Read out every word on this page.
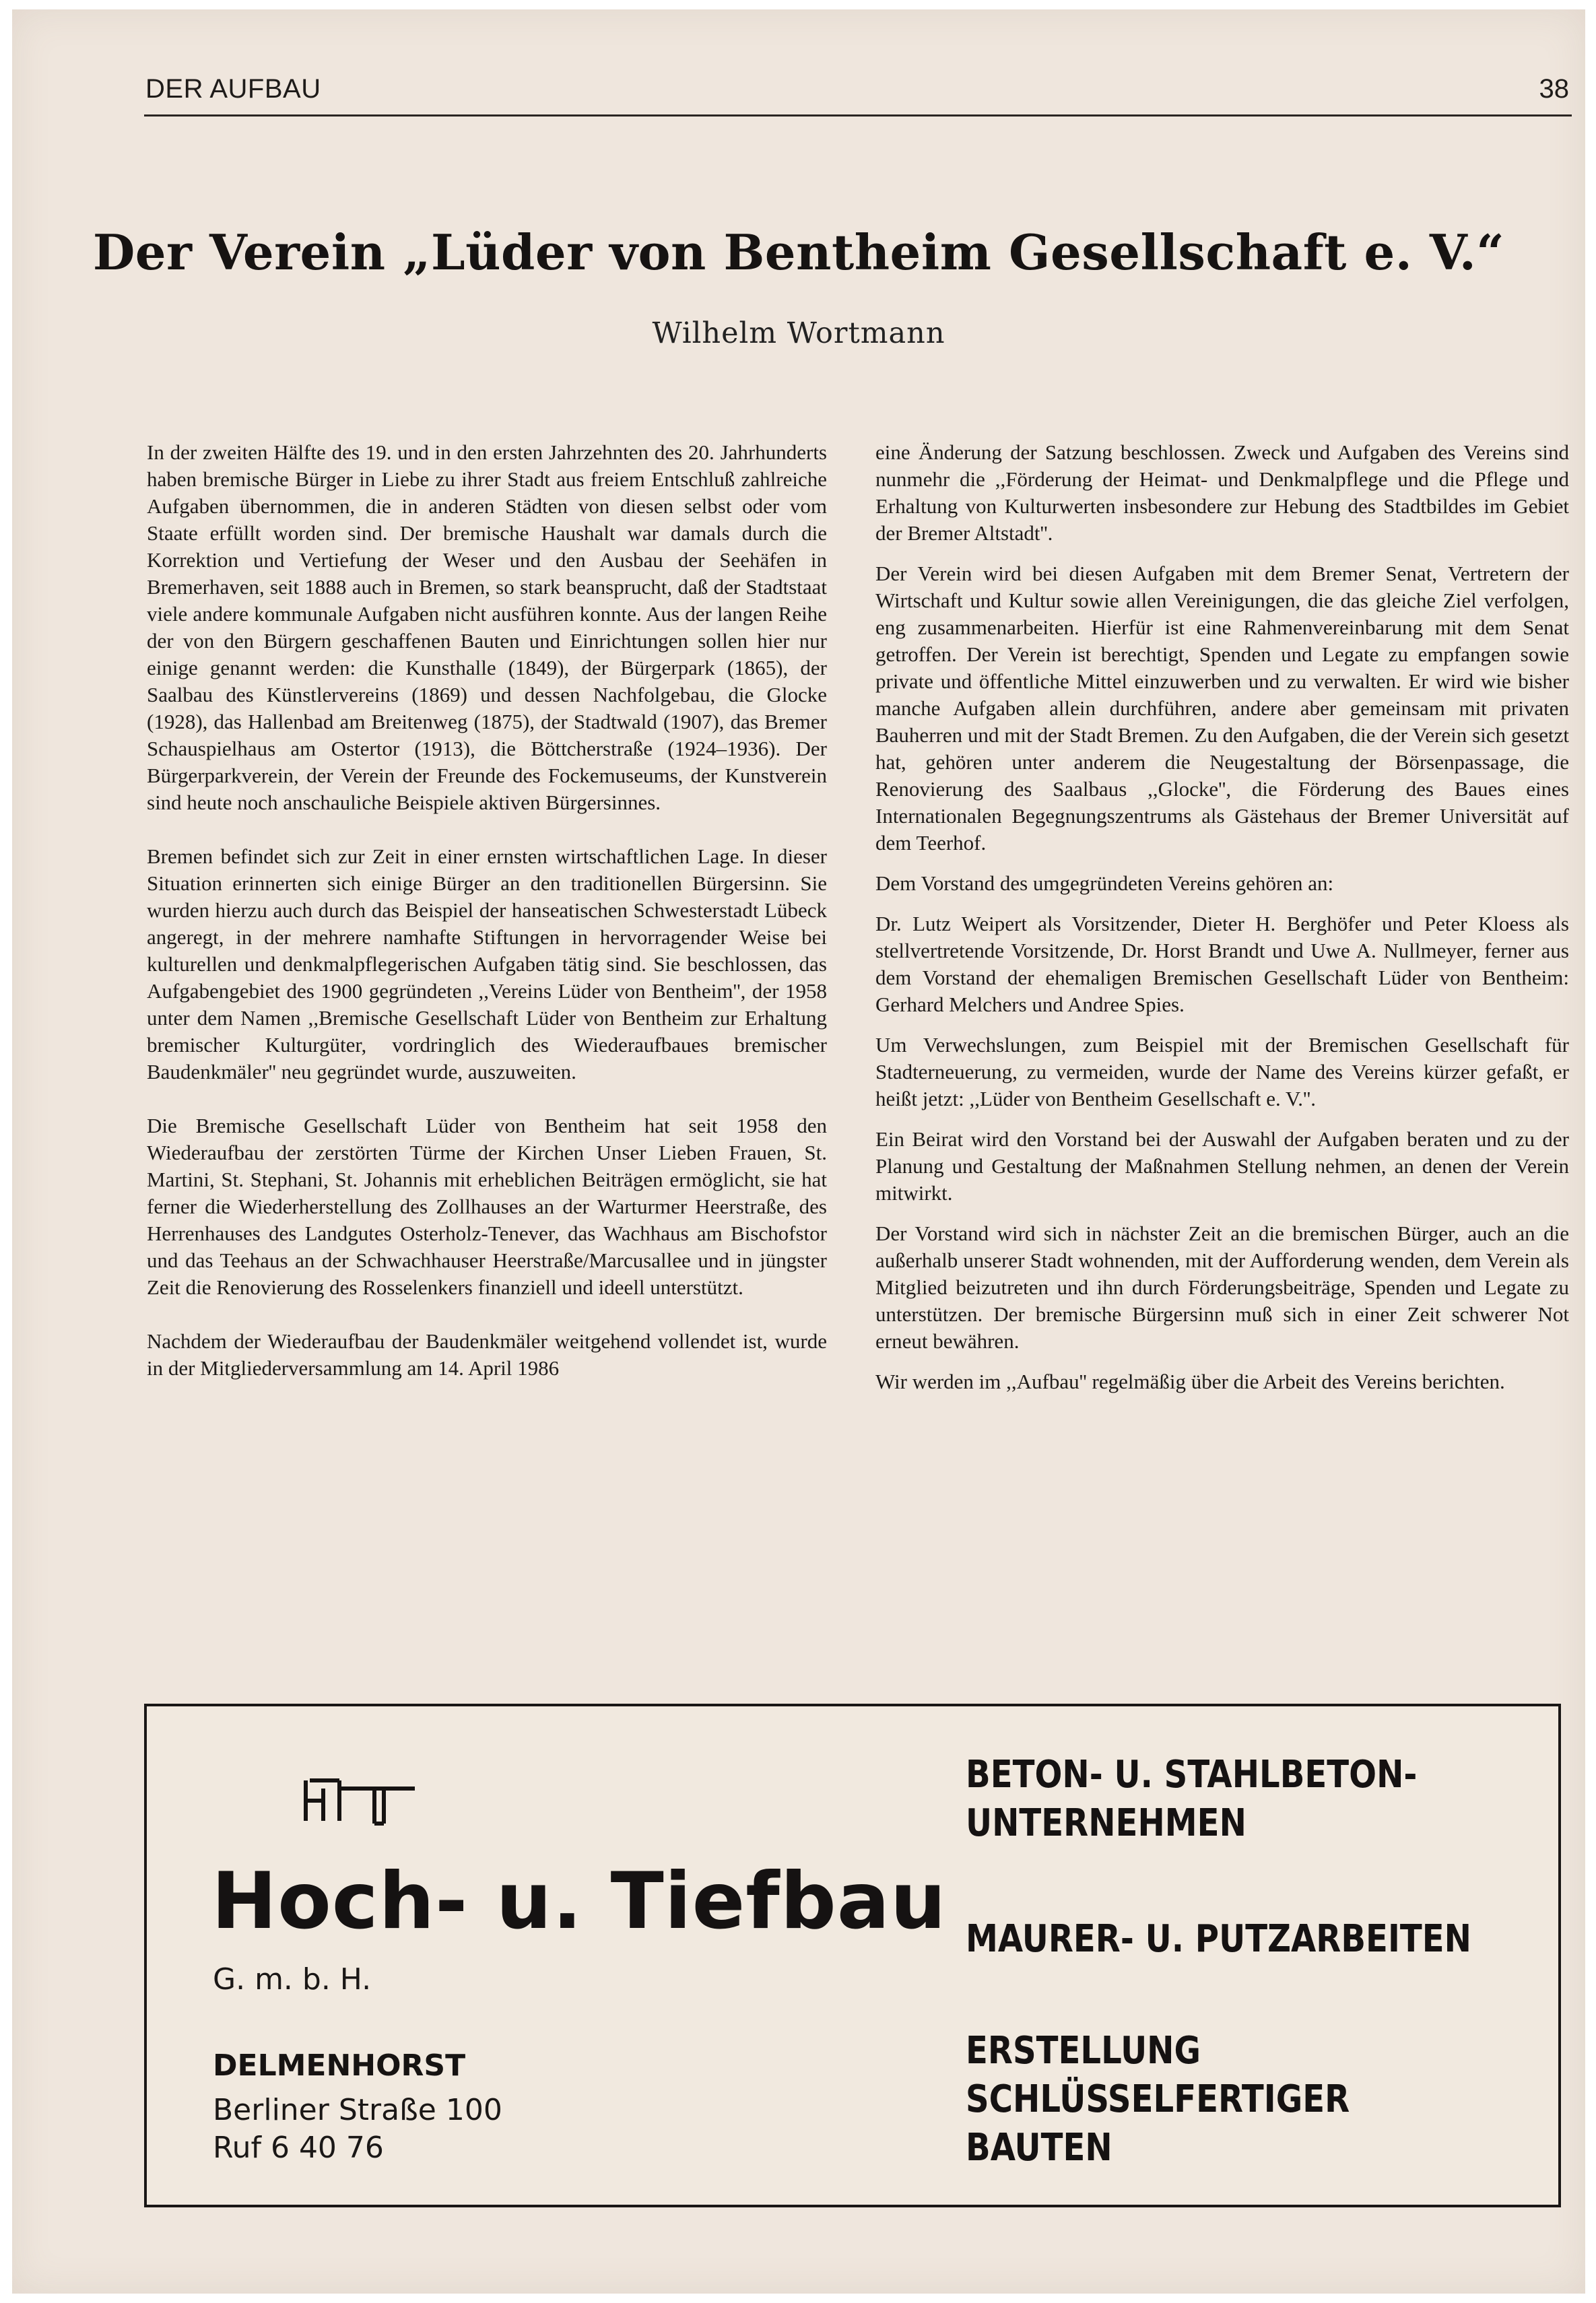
DER AUFBAU	38
Der Verein „Lüder von Bentheim Gesellschaft e. V.“
Wilhelm Wortmann

In der zweiten Hälfte des 19. und in den ersten Jahrzehnten des 20. Jahrhunderts haben bremische Bürger in Liebe zu ihrer Stadt aus freiem Entschluß zahlreiche Aufgaben übernommen, die in anderen Städten von diesen selbst oder vom Staate erfüllt worden sind. Der bremische Haushalt war damals durch die Korrektion und Vertiefung der Weser und den Ausbau der Seehäfen in Bremerhaven, seit 1888 auch in Bremen, so stark beansprucht, daß der Stadtstaat viele andere kommunale Aufgaben nicht ausführen konnte. Aus der langen Reihe der von den Bürgern geschaffenen Bauten und Einrichtungen sollen hier nur einige genannt werden: die Kunsthalle (1849), der Bürgerpark (1865), der Saalbau des Künstlervereins (1869) und dessen Nachfolgebau, die Glocke (1928), das Hallenbad am Breitenweg (1875), der Stadtwald (1907), das Bremer Schauspielhaus am Ostertor (1913), die Böttcherstraße (1924–1936). Der Bürgerparkverein, der Verein der Freunde des Fockemuseums, der Kunstverein sind heute noch anschauliche Beispiele aktiven Bürgersinnes.

Bremen befindet sich zur Zeit in einer ernsten wirtschaftlichen Lage. In dieser Situation erinnerten sich einige Bürger an den traditionellen Bürgersinn. Sie wurden hierzu auch durch das Beispiel der hanseatischen Schwesterstadt Lübeck angeregt, in der mehrere namhafte Stiftungen in hervorragender Weise bei kulturellen und denkmalpflegerischen Aufgaben tätig sind. Sie beschlossen, das Aufgabengebiet des 1900 gegründeten ,,Vereins Lüder von Bentheim'', der 1958 unter dem Namen ,,Bremische Gesellschaft Lüder von Bentheim zur Erhaltung bremischer Kulturgüter, vordringlich des Wiederaufbaues bremischer Baudenkmäler'' neu gegründet wurde, auszuweiten.

Die Bremische Gesellschaft Lüder von Bentheim hat seit 1958 den Wiederaufbau der zerstörten Türme der Kirchen Unser Lieben Frauen, St. Martini, St. Stephani, St. Johannis mit erheblichen Beiträgen ermöglicht, sie hat ferner die Wiederherstellung des Zollhauses an der Warturmer Heerstraße, des Herrenhauses des Landgutes Osterholz-Tenever, das Wachhaus am Bischofstor und das Teehaus an der Schwachhauser Heerstraße/Marcusallee und in jüngster Zeit die Renovierung des Rosselenkers finanziell und ideell unterstützt.

Nachdem der Wiederaufbau der Baudenkmäler weitgehend vollendet ist, wurde in der Mitgliederversammlung am 14. April 1986

eine Änderung der Satzung beschlossen. Zweck und Aufgaben des Vereins sind nunmehr die ,,Förderung der Heimat- und Denkmalpflege und die Pflege und Erhaltung von Kulturwerten insbesondere zur Hebung des Stadtbildes im Gebiet der Bremer Altstadt''.

Der Verein wird bei diesen Aufgaben mit dem Bremer Senat, Vertretern der Wirtschaft und Kultur sowie allen Vereinigungen, die das gleiche Ziel verfolgen, eng zusammenarbeiten. Hierfür ist eine Rahmenvereinbarung mit dem Senat getroffen. Der Verein ist berechtigt, Spenden und Legate zu empfangen sowie private und öffentliche Mittel einzuwerben und zu verwalten. Er wird wie bisher manche Aufgaben allein durchführen, andere aber gemeinsam mit privaten Bauherren und mit der Stadt Bremen. Zu den Aufgaben, die der Verein sich gesetzt hat, gehören unter anderem die Neugestaltung der Börsenpassage, die Renovierung des Saalbaus ,,Glocke'', die Förderung des Baues eines Internationalen Begegnungszentrums als Gästehaus der Bremer Universität auf dem Teerhof.

Dem Vorstand des umgegründeten Vereins gehören an:

Dr. Lutz Weipert als Vorsitzender, Dieter H. Berghöfer und Peter Kloess als stellvertretende Vorsitzende, Dr. Horst Brandt und Uwe A. Nullmeyer, ferner aus dem Vorstand der ehemaligen Bremischen Gesellschaft Lüder von Bentheim: Gerhard Melchers und Andree Spies.

Um Verwechslungen, zum Beispiel mit der Bremischen Gesellschaft für Stadterneuerung, zu vermeiden, wurde der Name des Vereins kürzer gefaßt, er heißt jetzt: ,,Lüder von Bentheim Gesellschaft e. V.''.

Ein Beirat wird den Vorstand bei der Auswahl der Aufgaben beraten und zu der Planung und Gestaltung der Maßnahmen Stellung nehmen, an denen der Verein mitwirkt.

Der Vorstand wird sich in nächster Zeit an die bremischen Bürger, auch an die außerhalb unserer Stadt wohnenden, mit der Aufforderung wenden, dem Verein als Mitglied beizutreten und ihn durch Förderungsbeiträge, Spenden und Legate zu unterstützen. Der bremische Bürgersinn muß sich in einer Zeit schwerer Not erneut bewähren.

Wir werden im ,,Aufbau'' regelmäßig über die Arbeit des Vereins berichten.

Hoch- u. Tiefbau
G. m. b. H.
DELMENHORST
Berliner Straße 100
Ruf 6 40 76
BETON- U. STAHLBETON-
UNTERNEHMEN
MAURER- U. PUTZARBEITEN
ERSTELLUNG
SCHLÜSSELFERTIGER
BAUTEN
